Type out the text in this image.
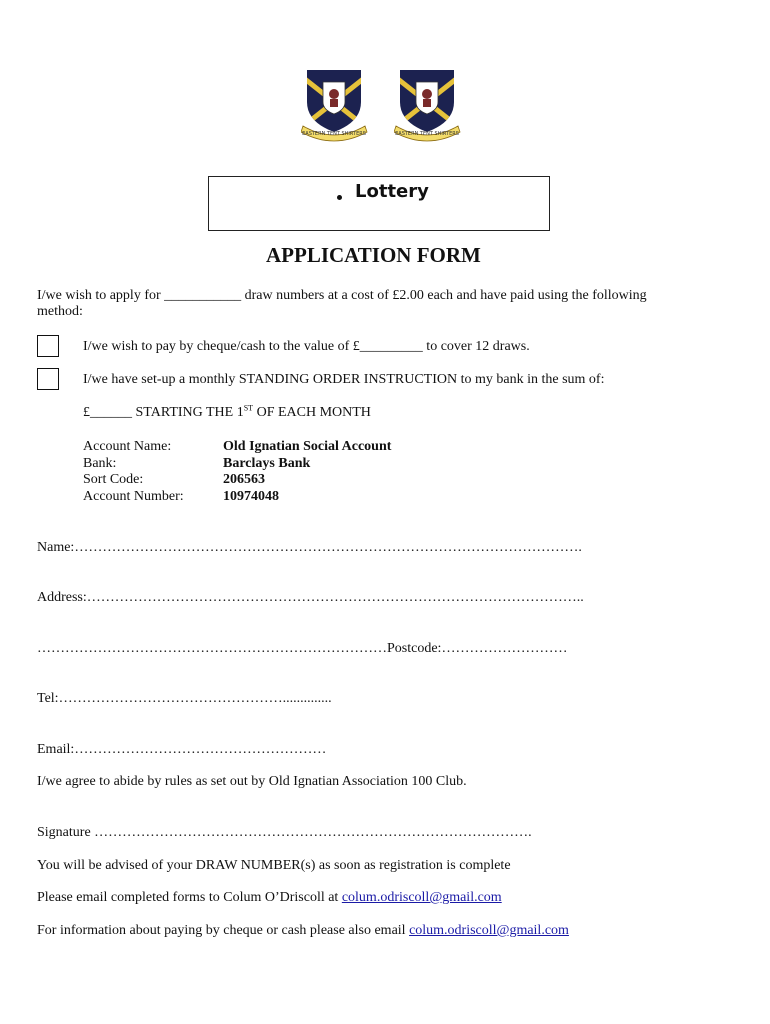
EASTERN TENT SHIRTERS	EASTERN TENT SHIRTERS
Lottery
APPLICATION FORM
I/we wish to apply for ___________ draw numbers at a cost of £2.00 each and have paid using the following
method:
I/we wish to pay by cheque/cash to the value of £_________ to cover 12 draws.
I/we have set-up a monthly STANDING ORDER INSTRUCTION to my bank in the sum of:
£______ STARTING THE 1ST OF EACH MONTH
Account Name:	Old Ignatian Social Account
Bank:	Barclays Bank
Sort Code:	206563
Account Number:	10974048
Name:……………………………………………………………………………………………….
Address:……………………………………………………………………………………………..
…………………………………………………………………Postcode:………………………
Tel:…………………………………………..............
Email:………………………………………………
I/we agree to abide by rules as set out by Old Ignatian Association 100 Club.
Signature ………………………………………………………………………………….
You will be advised of your DRAW NUMBER(s) as soon as registration is complete
Please email completed forms to Colum O’Driscoll at colum.odriscoll@gmail.com
For information about paying by cheque or cash please also email colum.odriscoll@gmail.com
